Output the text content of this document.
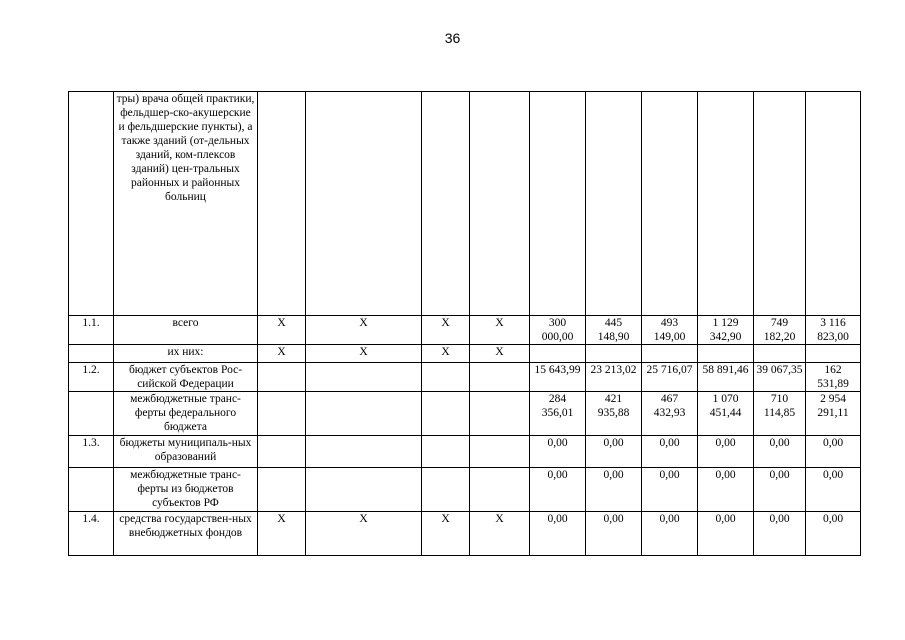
36
	тры) врача общей практики, фельдшер-ско-акушерские и фельдшерские пункты), а также зданий (от-дельных зданий, ком-плексов зданий) цен-тральных районных и районных больниц										
1.1.	всего	X	X	X	X	300 000,00	445 148,90	493 149,00	1 129 342,90	749 182,20	3 116 823,00
	их них:	X	X	X	X						
1.2.	бюджет субъектов Рос-сийской Федерации					15 643,99	23 213,02	25 716,07	58 891,46	39 067,35	162 531,89
	межбюджетные транс-ферты федерального бюджета					284 356,01	421 935,88	467 432,93	1 070 451,44	710 114,85	2 954 291,11
1.3.	бюджеты муниципаль-ных образований					0,00	0,00	0,00	0,00	0,00	0,00
	межбюджетные транс-ферты из бюджетов субъектов РФ					0,00	0,00	0,00	0,00	0,00	0,00
1.4.	средства государствен-ных внебюджетных фондов	X	X	X	X	0,00	0,00	0,00	0,00	0,00	0,00
